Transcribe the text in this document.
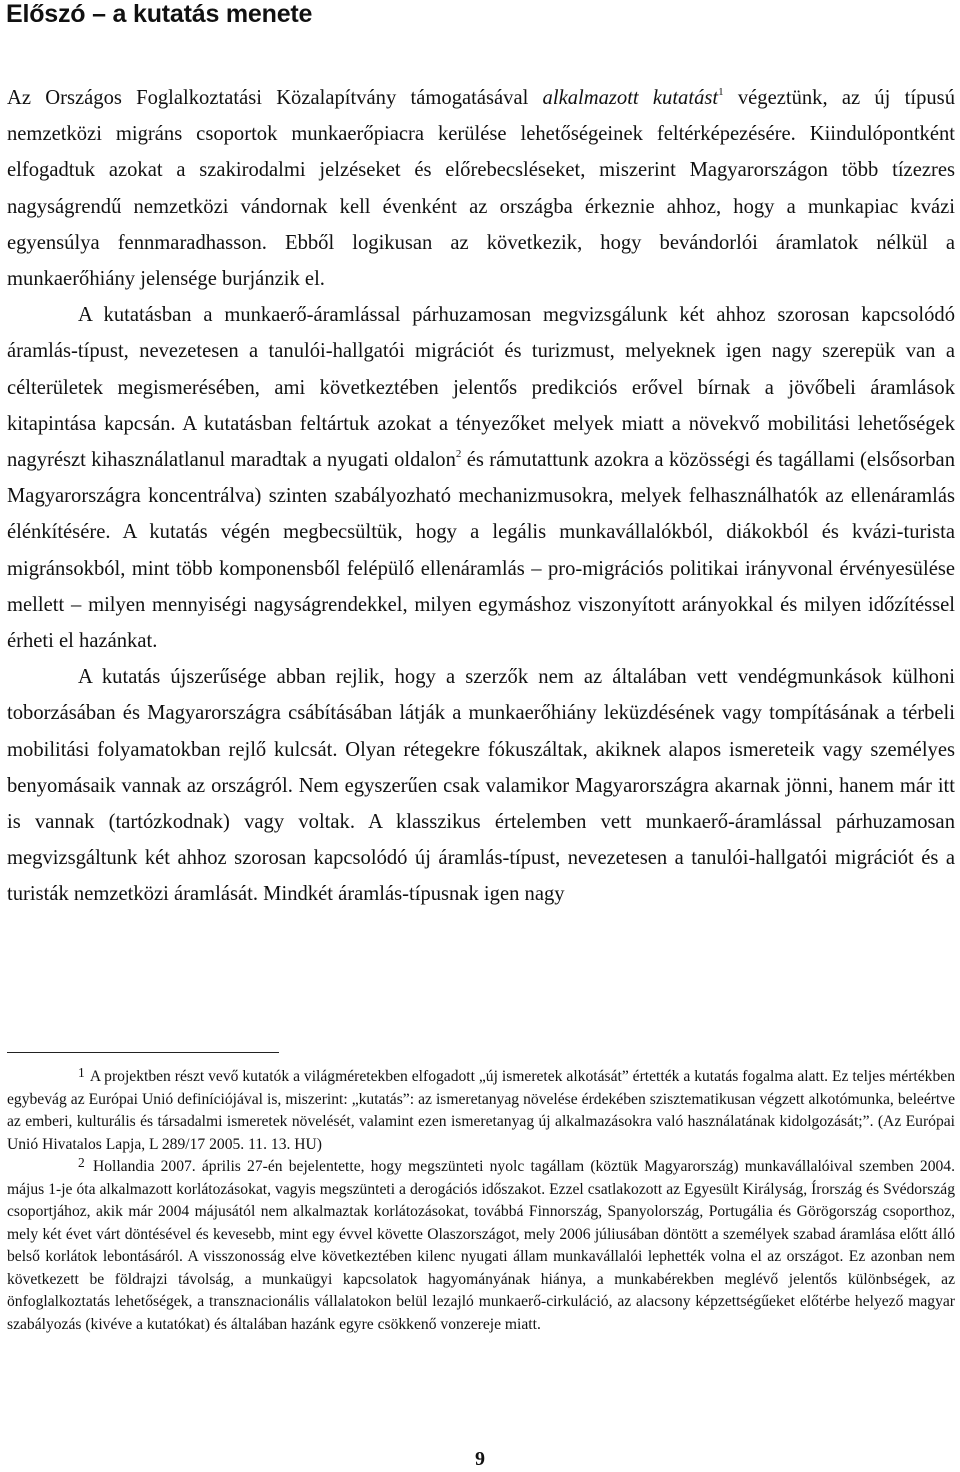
Előszó – a kutatás menete

Az Országos Foglalkoztatási Közalapítvány támogatásával alkalmazott kutatást$^1$ végeztünk, az új típusú nemzetközi migráns csoportok munkaerőpiacra kerülése lehetőségeinek feltérképezésére. Kiindulópontként elfogadtuk azokat a szakirodalmi jelzéseket és előrebecsléseket, miszerint Magyarországon több tízezres nagyságrendű nemzetközi vándornak kell évenként az országba érkeznie ahhoz, hogy a munkapiac kvázi egyensúlya fennmaradhasson. Ebből logikusan az következik, hogy bevándorlói áramlatok nélkül a munkaerőhiány jelensége burjánzik el.

A kutatásban a munkaerő-áramlással párhuzamosan megvizsgálunk két ahhoz szorosan kapcsolódó áramlás-típust, nevezetesen a tanulói-hallgatói migrációt és turizmust, melyeknek igen nagy szerepük van a célterületek megismerésében, ami következtében jelentős predikciós erővel bírnak a jövőbeli áramlások kitapintása kapcsán. A kutatásban feltártuk azokat a tényezőket melyek miatt a növekvő mobilitási lehetőségek nagyrészt kihasználatlanul maradtak a nyugati oldalon$^2$ és rámutattunk azokra a közösségi és tagállami (elsősorban Magyarországra koncentrálva) szinten szabályozható mechanizmusokra, melyek felhasználhatók az ellenáramlás élénkítésére. A kutatás végén megbecsültük, hogy a legális munkavállalókból, diákokból és kvázi-turista migránsokból, mint több komponensből felépülő ellenáramlás – pro-migrációs politikai irányvonal érvényesülése mellett – milyen mennyiségi nagyságrendekkel, milyen egymáshoz viszonyított arányokkal és milyen időzítéssel érheti el hazánkat.

A kutatás újszerűsége abban rejlik, hogy a szerzők nem az általában vett vendégmunkások külhoni toborzásában és Magyarországra csábításában látják a munkaerőhiány leküzdésének vagy tompításának a térbeli mobilitási folyamatokban rejlő kulcsát. Olyan rétegekre fókuszáltak, akiknek alapos ismereteik vagy személyes benyomásaik vannak az országról. Nem egyszerűen csak valamikor Magyarországra akarnak jönni, hanem már itt is vannak (tartózkodnak) vagy voltak. A klasszikus értelemben vett munkaerő-áramlással párhuzamosan megvizsgáltunk két ahhoz szorosan kapcsolódó új áramlás-típust, nevezetesen a tanulói-hallgatói migrációt és a turisták nemzetközi áramlását. Mindkét áramlás-típusnak igen nagy

1 A projektben részt vevő kutatók a világméretekben elfogadott „új ismeretek alkotását” értették a kutatás fogalma alatt. Ez teljes mértékben egybevág az Európai Unió definíciójával is, miszerint: „kutatás”: az ismeretanyag növelése érdekében szisztematikusan végzett alkotómunka, beleértve az emberi, kulturális és társadalmi ismeretek növelését, valamint ezen ismeretanyag új alkalmazásokra való használatának kidolgozását;”. (Az Európai Unió Hivatalos Lapja, L 289/17 2005. 11. 13. HU)

2 Hollandia 2007. április 27-én bejelentette, hogy megszünteti nyolc tagállam (köztük Magyarország) munkavállalóival szemben 2004. május 1-je óta alkalmazott korlátozásokat, vagyis megszünteti a derogációs időszakot. Ezzel csatlakozott az Egyesült Királyság, Írország és Svédország csoportjához, akik már 2004 májusától nem alkalmaztak korlátozásokat, továbbá Finnország, Spanyolország, Portugália és Görögország csoporthoz, mely két évet várt döntésével és kevesebb, mint egy évvel követte Olaszországot, mely 2006 júliusában döntött a személyek szabad áramlása előtt álló belső korlátok lebontásáról. A visszonosság elve következtében kilenc nyugati állam munkavállalói lephették volna el az országot. Ez azonban nem következett be földrajzi távolság, a munkaügyi kapcsolatok hagyományának hiánya, a munkabérekben meglévő jelentős különbségek, az önfoglalkoztatás lehetőségek, a transznacionális vállalatokon belül lezajló munkaerő-cirkuláció, az alacsony képzettségűeket előtérbe helyező magyar szabályozás (kivéve a kutatókat) és általában hazánk egyre csökkenő vonzereje miatt.

9
